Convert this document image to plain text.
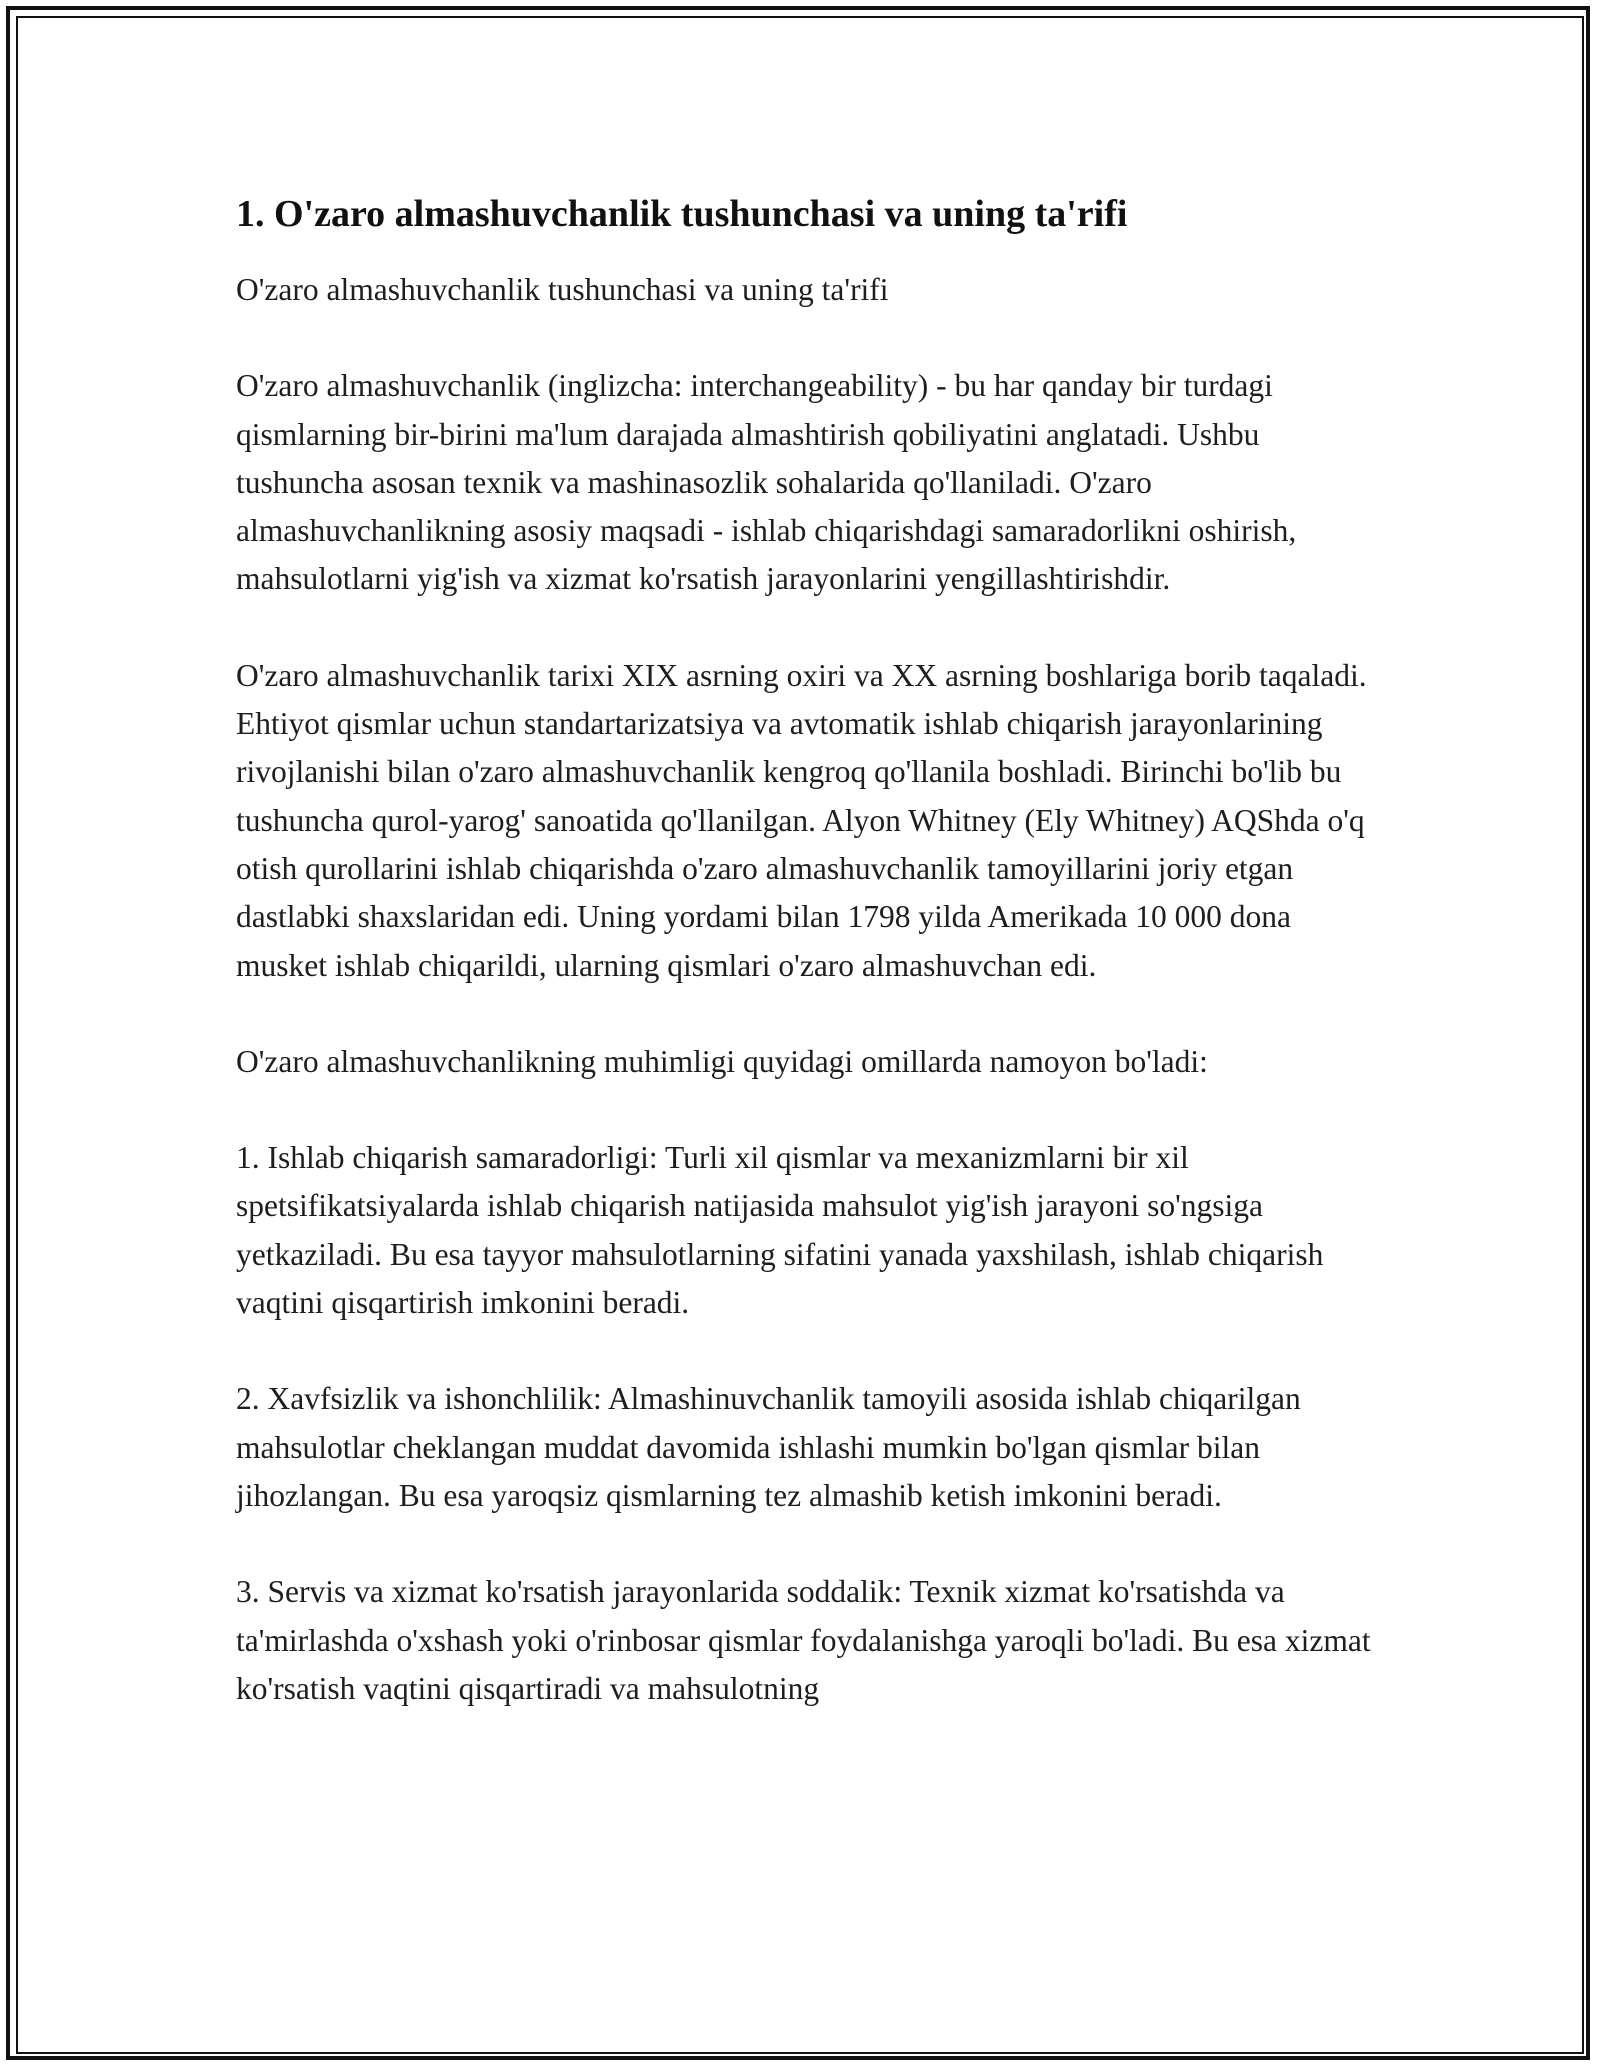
1. O'zaro almashuvchanlik tushunchasi va uning ta'rifi

O'zaro almashuvchanlik tushunchasi va uning ta'rifi

O'zaro almashuvchanlik (inglizcha: interchangeability) - bu har qanday bir turdagi qismlarning bir-birini ma'lum darajada almashtirish qobiliyatini anglatadi. Ushbu tushuncha asosan texnik va mashinasozlik sohalarida qo'llaniladi. O'zaro almashuvchanlikning asosiy maqsadi - ishlab chiqarishdagi samaradorlikni oshirish, mahsulotlarni yig'ish va xizmat ko'rsatish jarayonlarini yengillashtirishdir.

O'zaro almashuvchanlik tarixi XIX asrning oxiri va XX asrning boshlariga borib taqaladi. Ehtiyot qismlar uchun standartarizatsiya va avtomatik ishlab chiqarish jarayonlarining rivojlanishi bilan o'zaro almashuvchanlik kengroq qo'llanila boshladi. Birinchi bo'lib bu tushuncha qurol-yarog' sanoatida qo'llanilgan. Alyon Whitney (Ely Whitney) AQShda o'q otish qurollarini ishlab chiqarishda o'zaro almashuvchanlik tamoyillarini joriy etgan dastlabki shaxslaridan edi. Uning yordami bilan 1798 yilda Amerikada 10 000 dona musket ishlab chiqarildi, ularning qismlari o'zaro almashuvchan edi.

O'zaro almashuvchanlikning muhimligi quyidagi omillarda namoyon bo'ladi:

1. Ishlab chiqarish samaradorligi: Turli xil qismlar va mexanizmlarni bir xil spetsifikatsiyalarda ishlab chiqarish natijasida mahsulot yig'ish jarayoni so'ngsiga yetkaziladi. Bu esa tayyor mahsulotlarning sifatini yanada yaxshilash, ishlab chiqarish vaqtini qisqartirish imkonini beradi.

2. Xavfsizlik va ishonchlilik: Almashinuvchanlik tamoyili asosida ishlab chiqarilgan mahsulotlar cheklangan muddat davomida ishlashi mumkin bo'lgan qismlar bilan jihozlangan. Bu esa yaroqsiz qismlarning tez almashib ketish imkonini beradi.

3. Servis va xizmat ko'rsatish jarayonlarida soddalik: Texnik xizmat ko'rsatishda va ta'mirlashda o'xshash yoki o'rinbosar qismlar foydalanishga yaroqli bo'ladi. Bu esa xizmat ko'rsatish vaqtini qisqartiradi va mahsulotning
